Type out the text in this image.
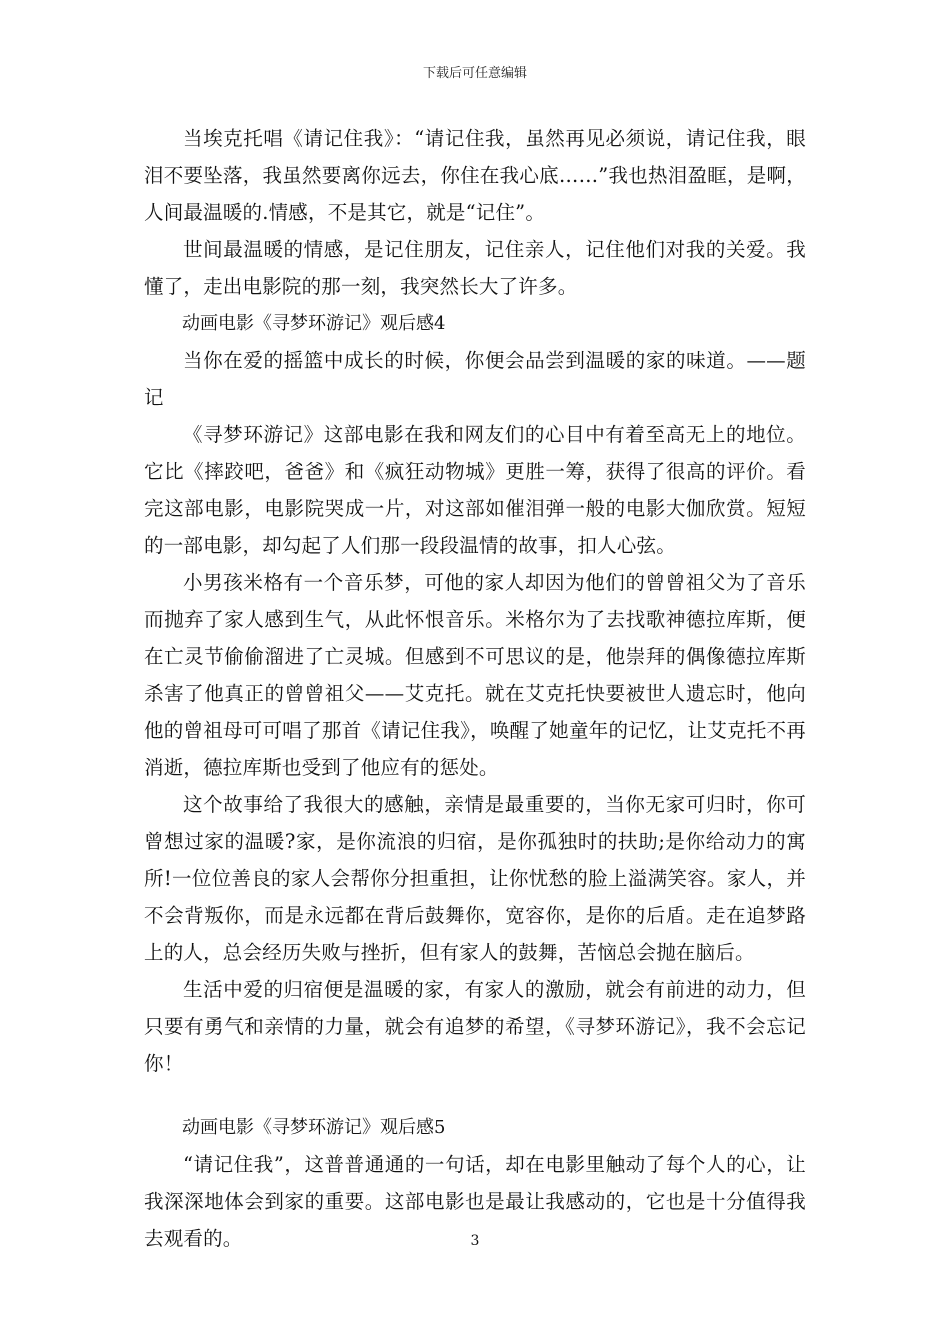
下载后可任意编辑

当埃克托唱《请记住我》：“请记住我，虽然再见必须说，请记住我，眼泪不要坠落，我虽然要离你远去，你住在我心底……”我也热泪盈眶，是啊，人间最温暖的.情感，不是其它，就是“记住”。

世间最温暖的情感，是记住朋友，记住亲人，记住他们对我的关爱。我懂了，走出电影院的那一刻，我突然长大了许多。

动画电影《寻梦环游记》观后感4

当你在爱的摇篮中成长的时候，你便会品尝到温暖的家的味道。——题记

《寻梦环游记》这部电影在我和网友们的心目中有着至高无上的地位。它比《摔跤吧，爸爸》和《疯狂动物城》更胜一筹，获得了很高的评价。看完这部电影，电影院哭成一片，对这部如催泪弹一般的电影大伽欣赏。短短的一部电影，却勾起了人们那一段段温情的故事，扣人心弦。

小男孩米格有一个音乐梦，可他的家人却因为他们的曾曾祖父为了音乐而抛弃了家人感到生气，从此怀恨音乐。米格尔为了去找歌神德拉库斯，便在亡灵节偷偷溜进了亡灵城。但感到不可思议的是，他崇拜的偶像德拉库斯杀害了他真正的曾曾祖父——艾克托。就在艾克托快要被世人遗忘时，他向他的曾祖母可可唱了那首《请记住我》，唤醒了她童年的记忆，让艾克托不再消逝，德拉库斯也受到了他应有的惩处。

这个故事给了我很大的感触，亲情是最重要的，当你无家可归时，你可曾想过家的温暖?家，是你流浪的归宿，是你孤独时的扶助;是你给动力的寓所!一位位善良的家人会帮你分担重担，让你忧愁的脸上溢满笑容。家人，并不会背叛你，而是永远都在背后鼓舞你，宽容你，是你的后盾。走在追梦路上的人，总会经历失败与挫折，但有家人的鼓舞，苦恼总会抛在脑后。

生活中爱的归宿便是温暖的家，有家人的激励，就会有前进的动力，但只要有勇气和亲情的力量，就会有追梦的希望，《寻梦环游记》，我不会忘记你！

动画电影《寻梦环游记》观后感5

“请记住我”，这普普通通的一句话，却在电影里触动了每个人的心，让我深深地体会到家的重要。这部电影也是最让我感动的，它也是十分值得我去观看的。	3
